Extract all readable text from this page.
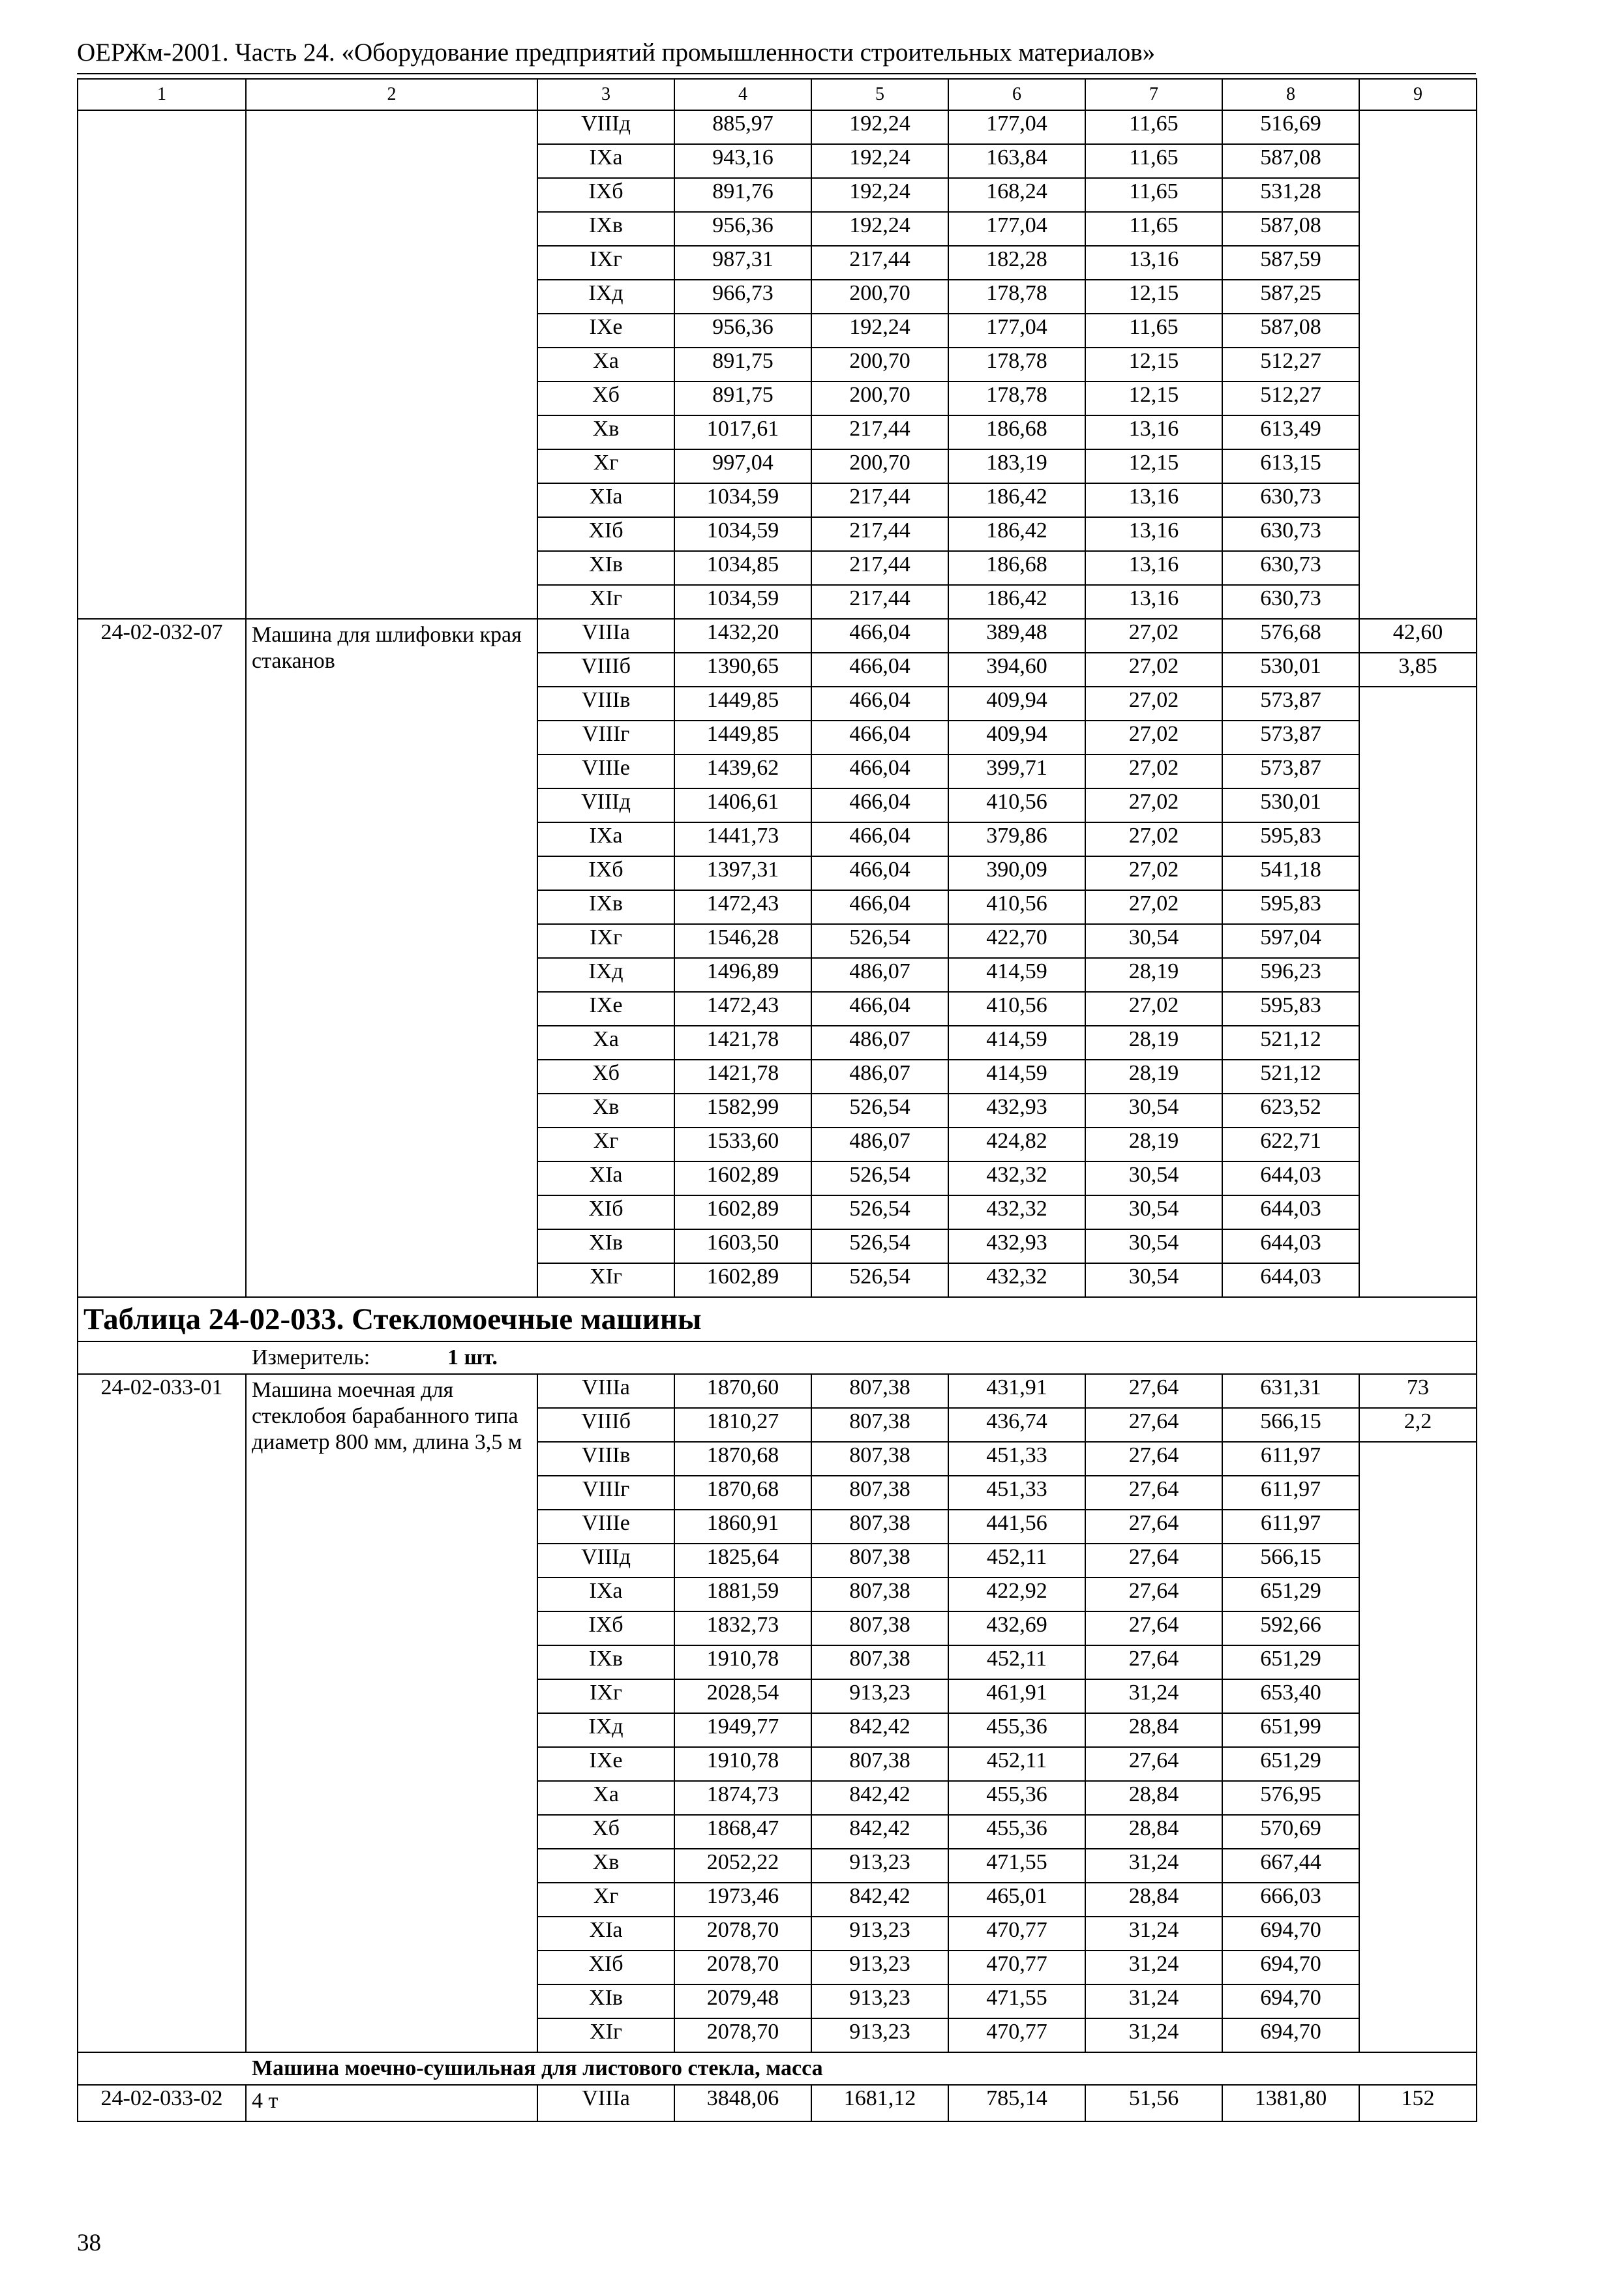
ОЕРЖм-2001. Часть 24. «Оборудование предприятий промышленности строительных материалов»
1	2	3	4	5	6	7	8	9
		VIIIд	885,97	192,24	177,04	11,65	516,69	
		IXa	943,16	192,24	163,84	11,65	587,08	
		IXб	891,76	192,24	168,24	11,65	531,28	
		IXв	956,36	192,24	177,04	11,65	587,08	
		IXг	987,31	217,44	182,28	13,16	587,59	
		IXд	966,73	200,70	178,78	12,15	587,25	
		IXe	956,36	192,24	177,04	11,65	587,08	
		Xa	891,75	200,70	178,78	12,15	512,27	
		Xб	891,75	200,70	178,78	12,15	512,27	
		Xв	1017,61	217,44	186,68	13,16	613,49	
		Xг	997,04	200,70	183,19	12,15	613,15	
		XIa	1034,59	217,44	186,42	13,16	630,73	
		XIб	1034,59	217,44	186,42	13,16	630,73	
		XIв	1034,85	217,44	186,68	13,16	630,73	
		XIг	1034,59	217,44	186,42	13,16	630,73	
24-02-032-07	Машина для шлифовки края стаканов	VIIIa	1432,20	466,04	389,48	27,02	576,68	42,60
		VIIIб	1390,65	466,04	394,60	27,02	530,01	3,85
		VIIIв	1449,85	466,04	409,94	27,02	573,87	
		VIIIг	1449,85	466,04	409,94	27,02	573,87	
		VIIIe	1439,62	466,04	399,71	27,02	573,87	
		VIIIд	1406,61	466,04	410,56	27,02	530,01	
		IXa	1441,73	466,04	379,86	27,02	595,83	
		IXб	1397,31	466,04	390,09	27,02	541,18	
		IXв	1472,43	466,04	410,56	27,02	595,83	
		IXг	1546,28	526,54	422,70	30,54	597,04	
		IXд	1496,89	486,07	414,59	28,19	596,23	
		IXe	1472,43	466,04	410,56	27,02	595,83	
		Xa	1421,78	486,07	414,59	28,19	521,12	
		Xб	1421,78	486,07	414,59	28,19	521,12	
		Xв	1582,99	526,54	432,93	30,54	623,52	
		Xг	1533,60	486,07	424,82	28,19	622,71	
		XIa	1602,89	526,54	432,32	30,54	644,03	
		XIб	1602,89	526,54	432,32	30,54	644,03	
		XIв	1603,50	526,54	432,93	30,54	644,03	
		XIг	1602,89	526,54	432,32	30,54	644,03	
Таблица 24-02-033. Стекломоечные машины								
Измеритель: 1 шт.								
24-02-033-01	Машина моечная для стеклобоя барабанного типа диаметр 800 мм, длина 3,5 м	VIIIa	1870,60	807,38	431,91	27,64	631,31	73
		VIIIб	1810,27	807,38	436,74	27,64	566,15	2,2
		VIIIв	1870,68	807,38	451,33	27,64	611,97	
		VIIIг	1870,68	807,38	451,33	27,64	611,97	
		VIIIe	1860,91	807,38	441,56	27,64	611,97	
		VIIIд	1825,64	807,38	452,11	27,64	566,15	
		IXa	1881,59	807,38	422,92	27,64	651,29	
		IXб	1832,73	807,38	432,69	27,64	592,66	
		IXв	1910,78	807,38	452,11	27,64	651,29	
		IXг	2028,54	913,23	461,91	31,24	653,40	
		IXд	1949,77	842,42	455,36	28,84	651,99	
		IXe	1910,78	807,38	452,11	27,64	651,29	
		Xa	1874,73	842,42	455,36	28,84	576,95	
		Xб	1868,47	842,42	455,36	28,84	570,69	
		Xв	2052,22	913,23	471,55	31,24	667,44	
		Xг	1973,46	842,42	465,01	28,84	666,03	
		XIa	2078,70	913,23	470,77	31,24	694,70	
		XIб	2078,70	913,23	470,77	31,24	694,70	
		XIв	2079,48	913,23	471,55	31,24	694,70	
		XIг	2078,70	913,23	470,77	31,24	694,70	
Машина моечно-сушильная для листового стекла, масса								
24-02-033-02	4 т	VIIIa	3848,06	1681,12	785,14	51,56	1381,80	152
38
